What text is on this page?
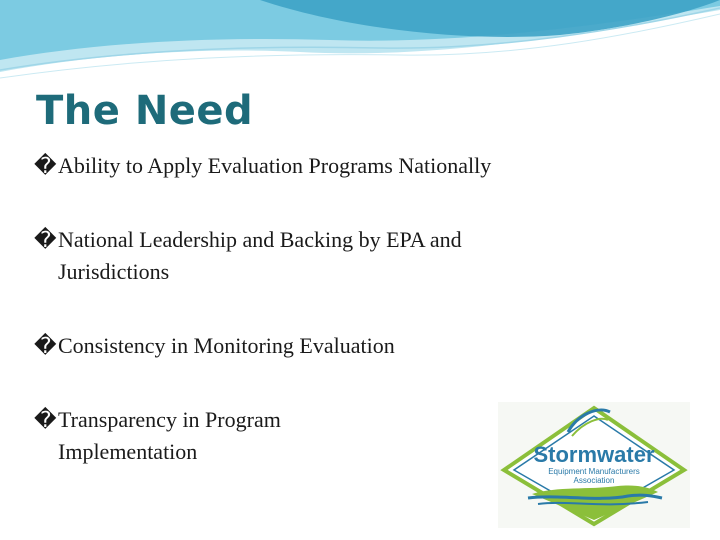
The Need
�Ability to Apply Evaluation Programs Nationally
�National Leadership and Backing by EPA and
Jurisdictions
�Consistency in Monitoring Evaluation
�Transparency in Program
Implementation	Stormwater
Equipment Manufacturers
Association
